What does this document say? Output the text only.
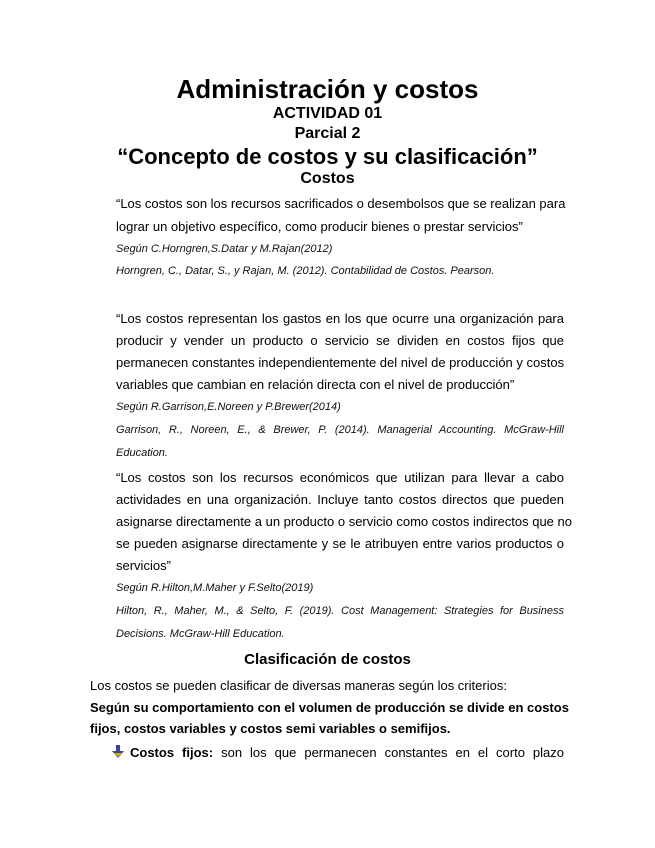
Administración y costos
ACTIVIDAD 01
Parcial 2
“Concepto de costos y su clasificación”
Costos
“Los costos son los recursos sacrificados o desembolsos que se realizan para
lograr un objetivo específico, como producir bienes o prestar servicios”
Según C.Horngren,S.Datar y M.Rajan(2012)
Horngren, C., Datar, S., y Rajan, M. (2012). Contabilidad de Costos. Pearson.
“Los costos representan los gastos en los que ocurre una organización para
producir y vender un producto o servicio se dividen en costos fijos que
permanecen constantes independientemente del nivel de producción y costos
variables que cambian en relación directa con el nivel de producción”
Según R.Garrison,E.Noreen y P.Brewer(2014)
Garrison, R., Noreen, E., & Brewer, P. (2014). Managerial Accounting. McGraw-Hill
Education.
“Los costos son los recursos económicos que utilizan para llevar a cabo
actividades en una organización. Incluye tanto costos directos que pueden
asignarse directamente a un producto o servicio como costos indirectos que no
se pueden asignarse directamente y se le atribuyen entre varios productos o
servicios”
Según R.Hilton,M.Maher y F.Selto(2019)
Hilton, R., Maher, M., & Selto, F. (2019). Cost Management: Strategies for Business
Decisions. McGraw-Hill Education.
Clasificación de costos
Los costos se pueden clasificar de diversas maneras según los criterios:
Según su comportamiento con el volumen de producción se divide en costos
fijos, costos variables y costos semi variables o semifijos.
Costos fijos: son los que permanecen constantes en el corto plazo
